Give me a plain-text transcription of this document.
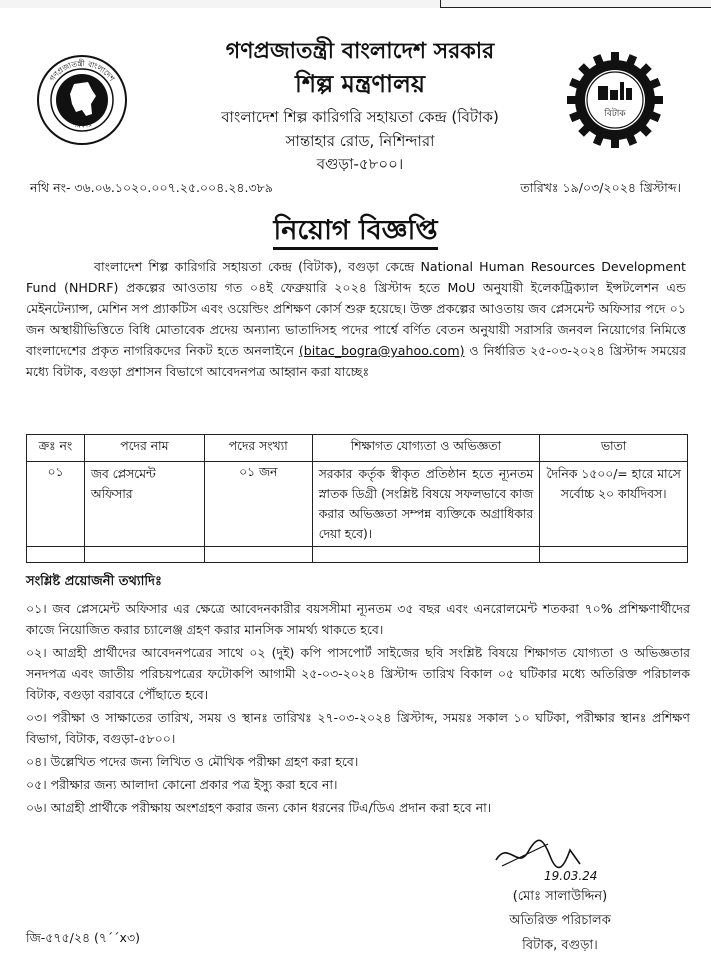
গণপ্রজাতন্ত্রী বাংলাদেশ
সরকার
বিটাক
গণপ্রজাতন্ত্রী বাংলাদেশ সরকার
শিল্প মন্ত্রণালয়
বাংলাদেশ শিল্প কারিগরি সহায়তা কেন্দ্র (বিটাক)
সান্তাহার রোড, নিশিন্দারা
বগুড়া-৫৮০০।
নথি নং- ৩৬.০৬.১০২০.০০৭.২৫.০০৪.২৪.৩৮৯	তারিখঃ ১৯/০৩/২০২৪ খ্রিস্টাব্দ।
নিয়োগ বিজ্ঞপ্তি
বাংলাদেশ শিল্প কারিগরি সহায়তা কেন্দ্র (বিটাক), বগুড়া কেন্দ্রে National Human Resources Development Fund (NHDRF) প্রকল্পের আওতায় গত ০৪ই ফেব্রুয়ারি ২০২৪ খ্রিস্টাব্দ হতে MoU অনুযায়ী ইলেকট্রিক্যাল ইন্সটলেশন এন্ড মেইনটেন্যান্স, মেশিন সপ প্র্যাকটিস এবং ওয়েল্ডিং প্রশিক্ষণ কোর্স শুরু হয়েছে। উক্ত প্রকল্পের আওতায় জব প্লেসমেন্ট অফিসার পদে ০১ জন অস্থায়ীভিত্তিতে বিধি মোতাবেক প্রদেয় অন্যান্য ভাতাদিসহ পদের পার্শ্বে বর্ণিত বেতন অনুযায়ী সরাসরি জনবল নিয়োগের নিমিত্তে বাংলাদেশের প্রকৃত নাগরিকদের নিকট হতে অনলাইনে (bitac_bogra@yahoo.com) ও নির্ধারিত ২৫-০৩-২০২৪ খ্রিস্টাব্দ সময়ের মধ্যে বিটাক, বগুড়া প্রশাসন বিভাগে আবেদনপত্র আহ্বান করা যাচ্ছেঃ
ক্রঃ নং	পদের নাম	পদের সংখ্যা	শিক্ষাগত যোগ্যতা ও অভিজ্ঞতা	ভাতা
০১	জব প্লেসমেন্ট অফিসার	০১ জন	সরকার কর্তৃক স্বীকৃত প্রতিষ্ঠান হতে ন্যূনতম স্নাতক ডিগ্রী (সংশ্লিষ্ট বিষয়ে সফলভাবে কাজ করার অভিজ্ঞতা সম্পন্ন ব্যক্তিকে অগ্রাধিকার দেয়া হবে)।	দৈনিক ১৫০০/= হারে মাসে সর্বোচ্চ ২০ কার্যদিবস।

সংশ্লিষ্ট প্রয়োজনী তথ্যাদিঃ
০১। জব প্লেসমেন্ট অফিসার এর ক্ষেত্রে আবেদনকারীর বয়সসীমা ন্যূনতম ৩৫ বছর এবং এনরোলমেন্ট শতকরা ৭০% প্রশিক্ষণার্থীদের কাজে নিয়োজিত করার চ্যালেঞ্জ গ্রহণ করার মানসিক সামর্থ্য থাকতে হবে।
০২। আগ্রহী প্রার্থীদের আবেদনপত্রের সাথে ০২ (দুই) কপি পাসপোর্ট সাইজের ছবি সংশ্লিষ্ট বিষয়ে শিক্ষাগত যোগ্যতা ও অভিজ্ঞতার সনদপত্র এবং জাতীয় পরিচয়পত্রের ফটোকপি আগামী ২৫-০৩-২০২৪ খ্রিস্টাব্দ তারিখ বিকাল ০৫ ঘটিকার মধ্যে অতিরিক্ত পরিচালক বিটাক, বগুড়া বরাবরে পৌঁছাতে হবে।
০৩। পরীক্ষা ও সাক্ষাতের তারিখ, সময় ও স্থানঃ তারিখঃ ২৭-০৩-২০২৪ খ্রিস্টাব্দ, সময়ঃ সকাল ১০ ঘটিকা, পরীক্ষার স্থানঃ প্রশিক্ষণ বিভাগ, বিটাক, বগুড়া-৫৮০০।
০৪। উল্লেখিত পদের জন্য লিখিত ও মৌখিক পরীক্ষা গ্রহণ করা হবে।
০৫। পরীক্ষার জন্য আলাদা কোনো প্রকার পত্র ইস্যু করা হবে না।
০৬। আগ্রহী প্রার্থীকে পরীক্ষায় অংশগ্রহণ করার জন্য কোন ধরনের টিএ/ডিএ প্রদান করা হবে না।
19.03.24
(মোঃ সালাউদ্দিন)
অতিরিক্ত পরিচালক
বিটাক, বগুড়া।
জি-৫৭৫/২৪ (৭´´x৩)
